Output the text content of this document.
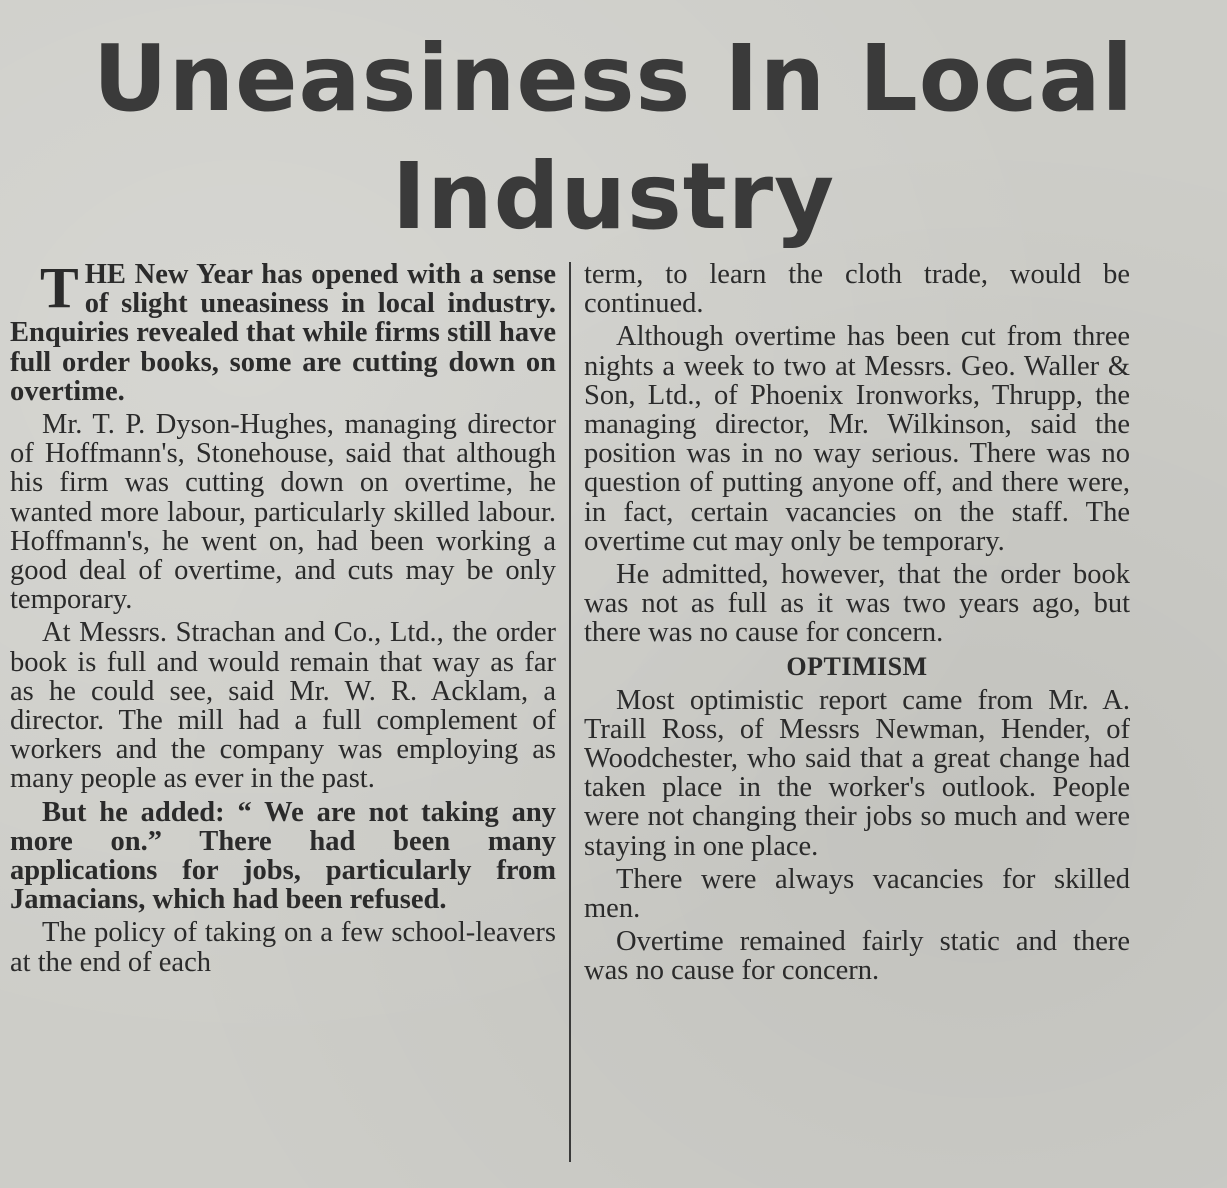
Uneasiness In Local
Industry

THE New Year has opened with a sense of slight uneasiness in local industry. Enquiries revealed that while firms still have full order books, some are cutting down on overtime.

Mr. T. P. Dyson-Hughes, managing director of Hoffmann's, Stonehouse, said that although his firm was cutting down on overtime, he wanted more labour, particularly skilled labour. Hoffmann's, he went on, had been working a good deal of overtime, and cuts may be only temporary.

At Messrs. Strachan and Co., Ltd., the order book is full and would remain that way as far as he could see, said Mr. W. R. Acklam, a director. The mill had a full complement of workers and the company was employing as many people as ever in the past.

But he added: “ We are not taking any more on.” There had been many applications for jobs, particularly from Jamacians, which had been refused.

The policy of taking on a few school-leavers at the end of each

term, to learn the cloth trade, would be continued.

Although overtime has been cut from three nights a week to two at Messrs. Geo. Waller & Son, Ltd., of Phoenix Ironworks, Thrupp, the managing director, Mr. Wilkinson, said the position was in no way serious. There was no question of putting anyone off, and there were, in fact, certain vacancies on the staff. The overtime cut may only be temporary.

He admitted, however, that the order book was not as full as it was two years ago, but there was no cause for concern.

OPTIMISM

Most optimistic report came from Mr. A. Traill Ross, of Messrs Newman, Hender, of Woodchester, who said that a great change had taken place in the worker's outlook. People were not changing their jobs so much and were staying in one place.

There were always vacancies for skilled men.

Overtime remained fairly static and there was no cause for concern.
